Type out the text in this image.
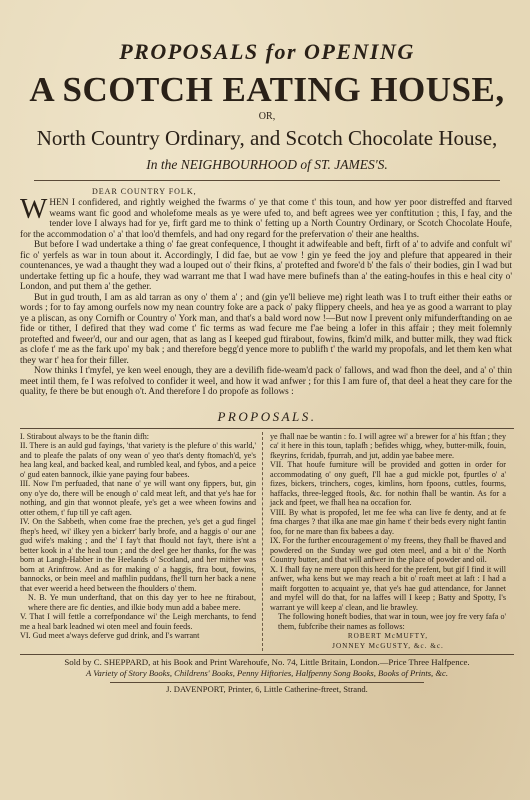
PROPOSALS for OPENING
A SCOTCH EATING HOUSE,
OR,
North Country Ordinary, and Scotch Chocolate House,
In the NEIGHBOURHOOD of ST. JAMES'S.
DEAR COUNTRY FOLK,

WHEN I confidered, and rightly weighed the fwarms o' ye that come t' this toun, and how yer poor distreffed and ftarved weams want fic good and wholefome meals as ye were ufed to, and beft agrees wee yer conftitution ; this, I fay, and the tender love I always had for ye, firft gard me to think o' fetting up a North Country Ordinary, or Scotch Chocolate Houfe, for the accommodation o' a' that loo'd themfels, and had ony regard for the prefervation o' their ane healths.

But before I wad undertake a thing o' fae great confequence, I thought it adwifeable and beft, firft of a' to advife and confult wi' fic o' yerfels as war in toun about it. Accordingly, I did fae, but ae vow ! gin ye feed the joy and plefure that appeared in their countenances, ye wad a thaught they wad a louped out o' their fkins, a' protefted and fwore'd b' the fals o' their bodies, gin I wad but undertake fetting up fic a houfe, they wad warrant me that I wad have mere bufinefs than a' the eating-houfes in this e heal city o' London, and put them a' the gether.

But in gud trouth, I am as ald tarran as ony o' them a' ; and (gin ye'll believe me) right leath was I to truft either their eaths or words ; for to fay among ourfels now my nean country foke are a pack o' paky flippery cheels, and hea ye as good a warrant to play ye a pliscan, as ony Cornifh or Country o' York man, and that's a bald word now !—But now I prevent only mifunderftanding on ae fide or tither, I defired that they wad come t' fic terms as wad fecure me f'ae being a lofer in this affair ; they meit folemnly protefted and fweer'd, our and our agen, that as lang as I keeped gud ftirabout, fowins, fkim'd milk, and butter milk, they wad ftick as clofe t' me as the fark upo' my bak ; and therefore begg'd yence more to publifh t' the warld my propofals, and let them ken what they war t' hea for their filler.

Now thinks I t'myfel, ye ken weel enough, they are a devilifh fide-weam'd pack o' fallows, and wad fhon the deel, and a' o' thin meet intil them, fe I was refolved to confider it weel, and how it wad anfwer ; for this I am fure of, that deel a heat they care for the quality, fe there be but enough o't. And therefore I do propofe as follows :

PROPOSALS.

I. Stirabout always to be the ftanin difh:

II. There is an auld gud fayings, 'that variety is the plefure o' this warld,' and to pleafe the palats of ony wean o' yeo that's denty ftomach'd, ye's hea lang keal, and backed keal, and rumbled keal, and fybos, and a peice o' gud eaten bannock, ilkie yane paying four babees.

III. Now I'm perfuaded, that nane o' ye will want ony fippers, but, gin ony o'ye do, there will be enough o' cald meat left, and that ye's hae for nothing, and gin that wonnot pleafe, ye's get a wee wheen fowins and otter othem, t' fup till ye caft agen.

IV. On the Sabbeth, when come frae the prechen, ye's get a gud fingel fhep's heed, wi' ilkey yen a bickerr' barly brofe, and a haggis o' our ane gud wife's making ; and the' I fay't that fhould not fay't, there is'nt a better kook in a' the heal toun ; and the deel gee her thanks, for fhe was born at Langh-Habber in the Heelands o' Scotland, and her mither was born at Arinftrow. And as for making o' a haggis, ftra bout, fowins, bannocks, or bein meel and mafhlin puddans, fhe'll turn her back a nene that ever weerid a heed between the fhoulders o' them.

N. B. Ye mun underftand, that on this day yer to hee ne ftirabout, where there are fic denties, and ilkie body mun add a babee mere.

V. That I will fettle a correfpondance wi' the Leigh merchants, to fend me a heal bark leadned wi oten meel and fouin feeds.

VI. Gud meet a'ways deferve gud drink, and I's warrant

ye fhall nae be wantin : fo. I will agree wi' a brewer for a' his ftfan ; they ca' it here in this toun, taplafh ; befides whigg, whey, butter-milk, fouin, fkeyrins, fcridab, fpurrah, and jut, addin yae babee mere.

VII. That houfe furniture will be provided and gotten in order for accommodating o' ony gueft, I'll hae a gud mickle pot, fpurtles o' a' fizes, bickers, trinchers, coges, kimlins, horn fpoons, cuttles, fourms, haffacks, three-legged ftools, &c. for nothin fhall be wantin. As for a jack and fpeet, we fhall hea na occafion for.

VIII. By what is propofed, let me fee wha can live fe denty, and at fe fma charges ? that ilka ane mae gin hame t' their beds every night fantin foo, for ne mare than fix babees a day.

IX. For the further encouragement o' my freens, they fhall be fhaved and powdered on the Sunday wee gud oten meel, and a bit o' the North Country butter, and that will anfwer in the place of powder and oil.

X. I fhall fay ne mere upon this heed for the prefent, but gif I find it will anfwer, wha kens but we may reach a bit o' roaft meet at laft : I had a maift forgotten to acquaint ye, that ye's hae gud attendance, for Jannet and myfel will do that, for na laffes will I keep ; Batty and Spotty, I's warrant ye will keep a' clean, and lie brawley.

The following honeft bodies, that war in toun, wee joy fre very fafa o' them, fubfcribe their names as follows:

ROBERT McMUFTY,
JONNEY McGUSTY, &c. &c.
Sold by C. SHEPPARD, at his Book and Print Warehoufe, No. 74, Little Britain, London.—Price Three Halfpence.
A Variety of Story Books, Childrens' Books, Penny Hiftories, Halfpenny Song Books, Books of Prints, &c.
J. DAVENPORT, Printer, 6, Little Catherine-ftreet, Strand.
